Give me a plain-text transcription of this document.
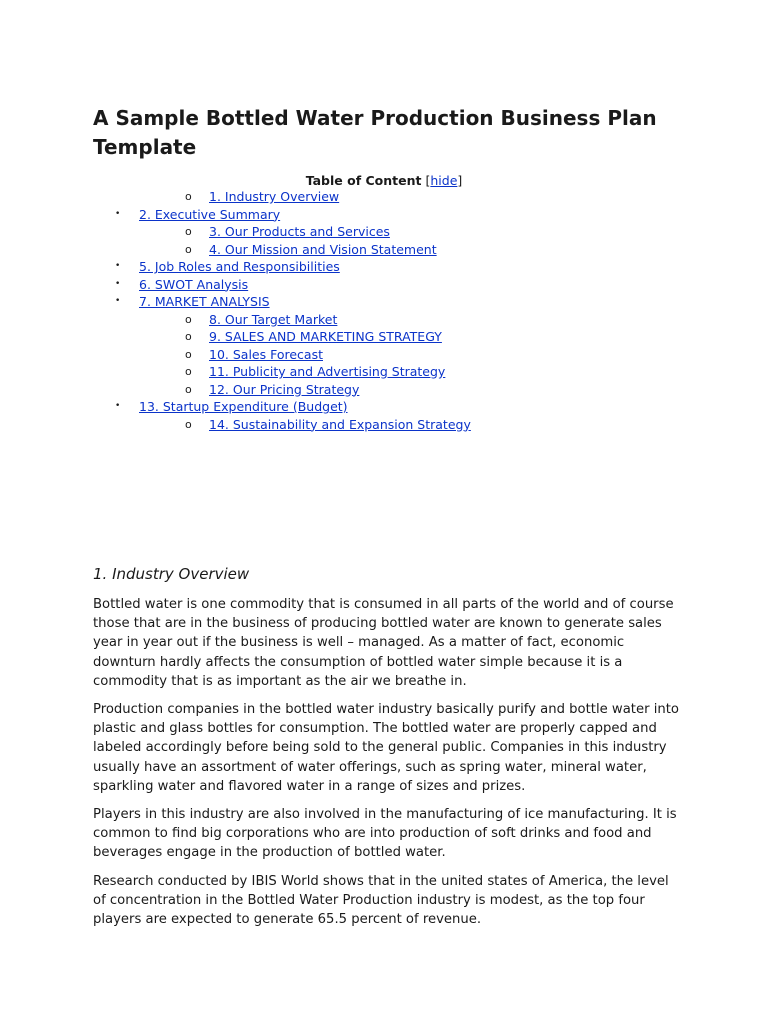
A Sample Bottled Water Production Business Plan Template
Table of Content [hide]
o 1. Industry Overview
• 2. Executive Summary
o 3. Our Products and Services
o 4. Our Mission and Vision Statement
• 5. Job Roles and Responsibilities
• 6. SWOT Analysis
• 7. MARKET ANALYSIS
o 8. Our Target Market
o 9. SALES AND MARKETING STRATEGY
o 10. Sales Forecast
o 11. Publicity and Advertising Strategy
o 12. Our Pricing Strategy
• 13. Startup Expenditure (Budget)
o 14. Sustainability and Expansion Strategy
1. Industry Overview

Bottled water is one commodity that is consumed in all parts of the world and of course those that are in the business of producing bottled water are known to generate sales year in year out if the business is well – managed. As a matter of fact, economic downturn hardly affects the consumption of bottled water simple because it is a commodity that is as important as the air we breathe in.

Production companies in the bottled water industry basically purify and bottle water into plastic and glass bottles for consumption. The bottled water are properly capped and labeled accordingly before being sold to the general public. Companies in this industry usually have an assortment of water offerings, such as spring water, mineral water, sparkling water and flavored water in a range of sizes and prizes.

Players in this industry are also involved in the manufacturing of ice manufacturing. It is common to find big corporations who are into production of soft drinks and food and beverages engage in the production of bottled water.

Research conducted by IBIS World shows that in the united states of America, the level of concentration in the Bottled Water Production industry is modest, as the top four players are expected to generate 65.5 percent of revenue.
